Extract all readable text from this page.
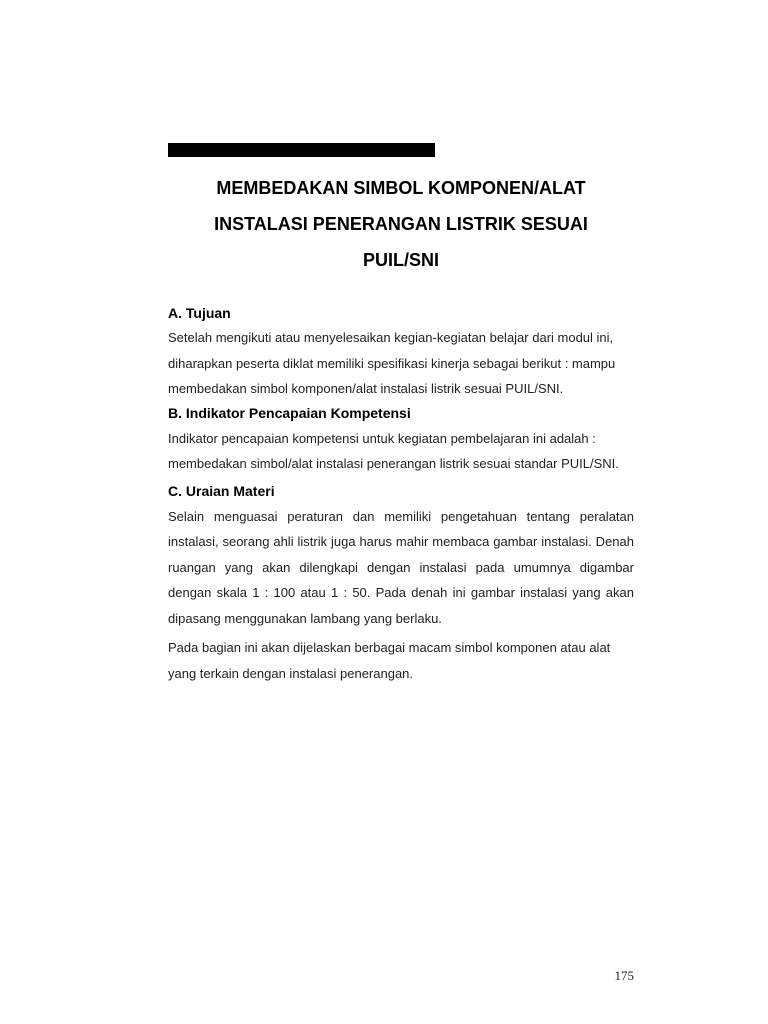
MEMBEDAKAN SIMBOL KOMPONEN/ALAT
INSTALASI PENERANGAN LISTRIK SESUAI
PUIL/SNI

A. Tujuan

Setelah mengikuti atau menyelesaikan kegian-kegiatan belajar dari modul ini, diharapkan peserta diklat memiliki spesifikasi kinerja sebagai berikut : mampu membedakan simbol komponen/alat instalasi listrik sesuai PUIL/SNI.

B. Indikator Pencapaian Kompetensi

Indikator pencapaian kompetensi untuk kegiatan pembelajaran ini adalah : membedakan simbol/alat instalasi penerangan listrik sesuai standar PUIL/SNI.

C. Uraian Materi

Selain menguasai peraturan dan memiliki pengetahuan tentang peralatan instalasi, seorang ahli listrik juga harus mahir membaca gambar instalasi. Denah ruangan yang akan dilengkapi dengan instalasi pada umumnya digambar dengan skala 1 : 100 atau 1 : 50. Pada denah ini gambar instalasi yang akan dipasang menggunakan lambang yang berlaku.

Pada bagian ini akan dijelaskan berbagai macam simbol komponen atau alat yang terkain dengan instalasi penerangan.

175
